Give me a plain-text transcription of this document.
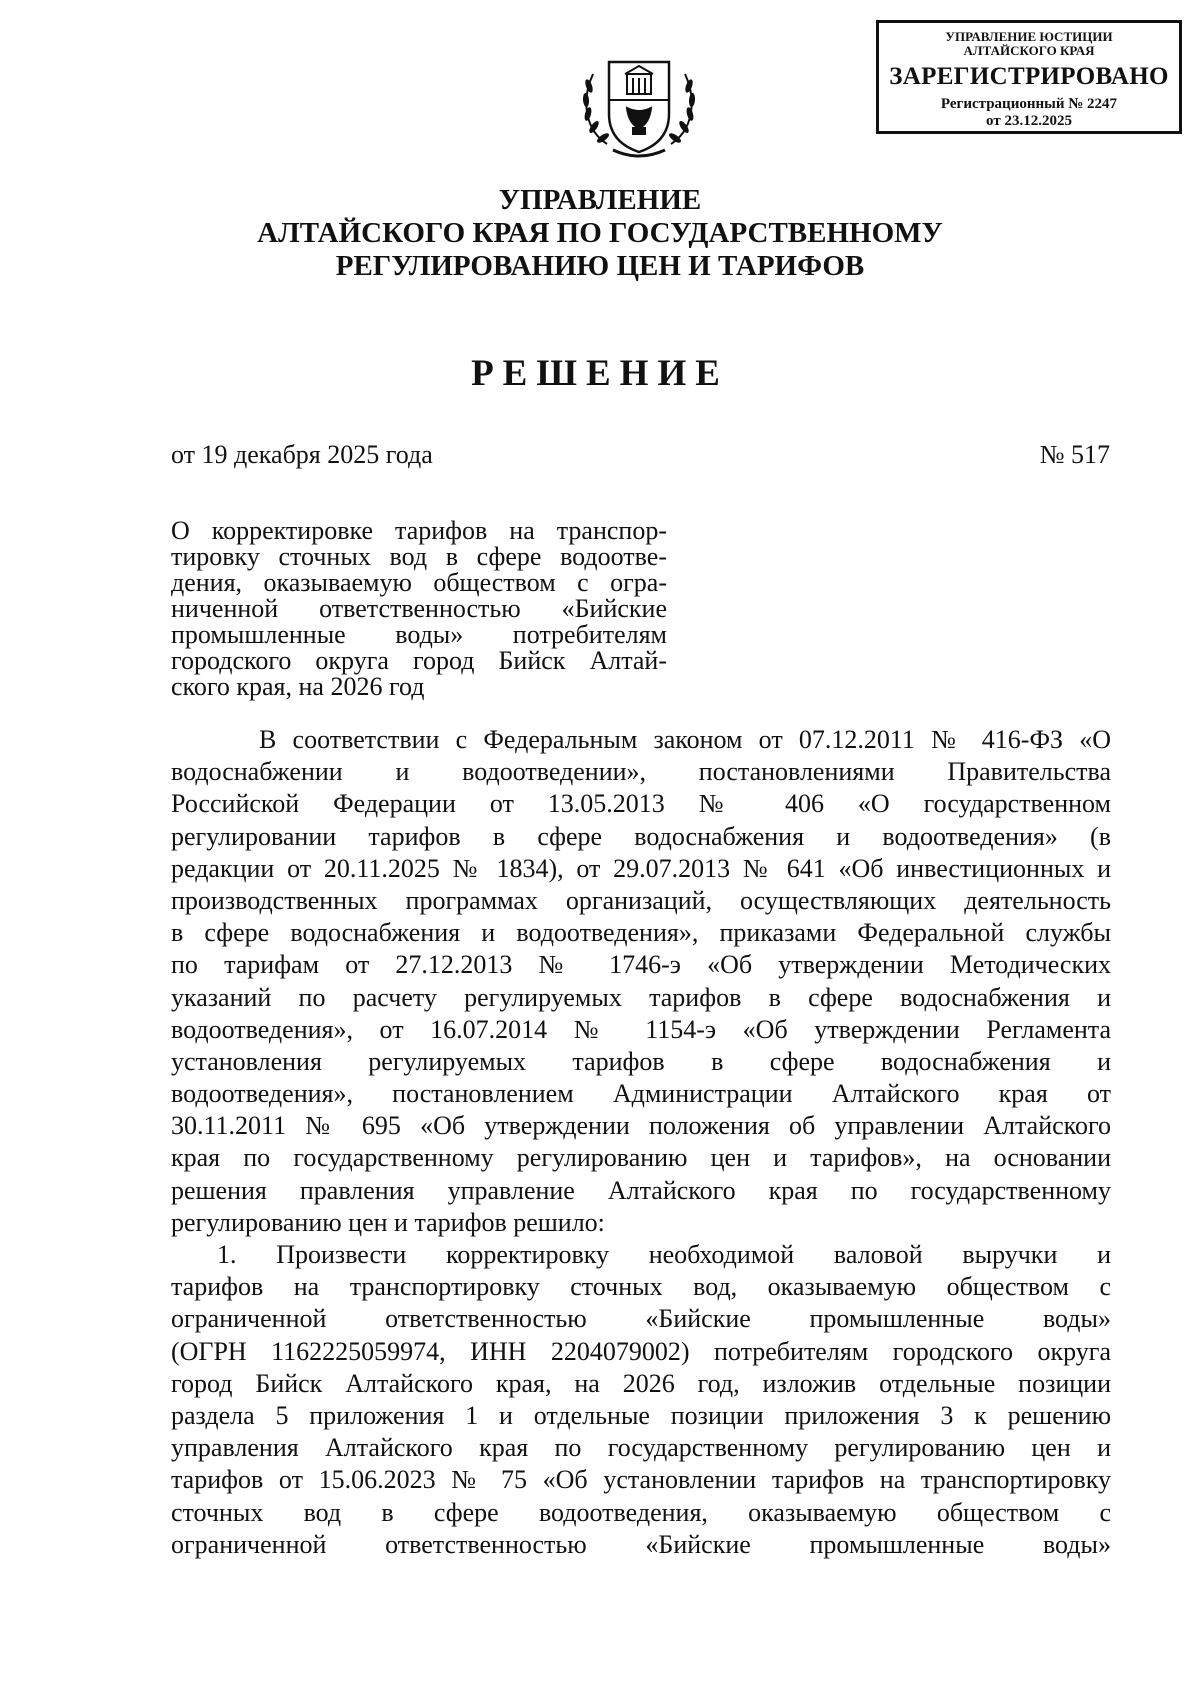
УПРАВЛЕНИЕ ЮСТИЦИИ
АЛТАЙСКОГО КРАЯ
ЗАРЕГИСТРИРОВАНО
Регистрационный № 2247
от 23.12.2025
УПРАВЛЕНИЕ
АЛТАЙСКОГО КРАЯ ПО ГОСУДАРСТВЕННОМУ
РЕГУЛИРОВАНИЮ ЦЕН И ТАРИФОВ
РЕШЕНИЕ
от 19 декабря 2025 года	№ 517
О корректировке тарифов на транспор-
тировку сточных вод в сфере водоотве-
дения, оказываемую обществом с огра-
ниченной ответственностью «Бийские
промышленные воды» потребителям
городского округа город Бийск Алтай-
ского края, на 2026 год
В соответствии с Федеральным законом от 07.12.2011 № 416-ФЗ «О
водоснабжении и водоотведении», постановлениями Правительства
Российской Федерации от 13.05.2013 № 406 «О государственном
регулировании тарифов в сфере водоснабжения и водоотведения» (в
редакции от 20.11.2025 № 1834), от 29.07.2013 № 641 «Об инвестиционных и
производственных программах организаций, осуществляющих деятельность
в сфере водоснабжения и водоотведения», приказами Федеральной службы
по тарифам от 27.12.2013 № 1746-э «Об утверждении Методических
указаний по расчету регулируемых тарифов в сфере водоснабжения и
водоотведения», от 16.07.2014 № 1154-э «Об утверждении Регламента
установления регулируемых тарифов в сфере водоснабжения и
водоотведения», постановлением Администрации Алтайского края от
30.11.2011 № 695 «Об утверждении положения об управлении Алтайского
края по государственному регулированию цен и тарифов», на основании
решения правления управление Алтайского края по государственному
регулированию цен и тарифов решило:
1. Произвести корректировку необходимой валовой выручки и
тарифов на транспортировку сточных вод, оказываемую обществом с
ограниченной ответственностью «Бийские промышленные воды»
(ОГРН 1162225059974, ИНН 2204079002) потребителям городского округа
город Бийск Алтайского края, на 2026 год, изложив отдельные позиции
раздела 5 приложения 1 и отдельные позиции приложения 3 к решению
управления Алтайского края по государственному регулированию цен и
тарифов от 15.06.2023 № 75 «Об установлении тарифов на транспортировку
сточных вод в сфере водоотведения, оказываемую обществом с
ограниченной ответственностью «Бийские промышленные воды»
